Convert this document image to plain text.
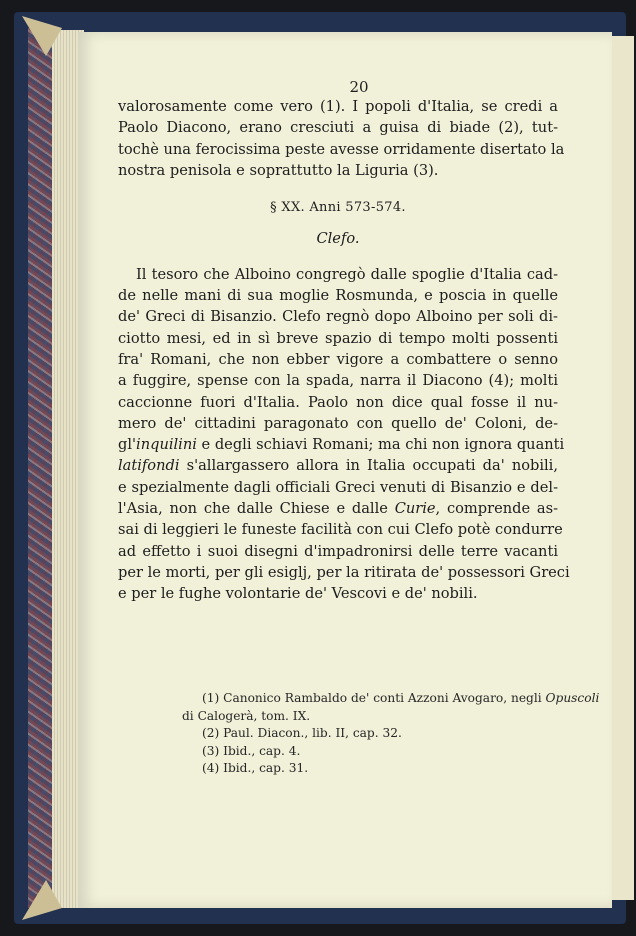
20
valorosamente come vero (1). I popoli d'Italia, se credi a
Paolo Diacono, erano cresciuti a guisa di biade (2), tut-
tochè una ferocissima peste avesse orridamente disertato la
nostra penisola e soprattutto la Liguria (3).
§ XX. Anni 573-574.
Clefo.
Il tesoro che Alboino congregò dalle spoglie d'Italia cad-
de nelle mani di sua moglie Rosmunda, e poscia in quelle
de' Greci di Bisanzio. Clefo regnò dopo Alboino per soli di-
ciotto mesi, ed in sì breve spazio di tempo molti possenti
fra' Romani, che non ebber vigore a combattere o senno
a fuggire, spense con la spada, narra il Diacono (4); molti
caccionne fuori d'Italia. Paolo non dice qual fosse il nu-
mero de' cittadini paragonato con quello de' Coloni, de-
gl'inquilini e degli schiavi Romani; ma chi non ignora quanti
latifondi s'allargassero allora in Italia occupati da' nobili,
e spezialmente dagli officiali Greci venuti di Bisanzio e del-
l'Asia, non che dalle Chiese e dalle Curie, comprende as-
sai di leggieri le funeste facilità con cui Clefo potè condurre
ad effetto i suoi disegni d'impadronirsi delle terre vacanti
per le morti, per gli esiglj, per la ritirata de' possessori Greci
e per le fughe volontarie de' Vescovi e de' nobili.
(1) Canonico Rambaldo de' conti Azzoni Avogaro, negli Opuscoli
di Calogerà, tom. IX.
(2) Paul. Diacon., lib. II, cap. 32.
(3) Ibid., cap. 4.
(4) Ibid., cap. 31.
